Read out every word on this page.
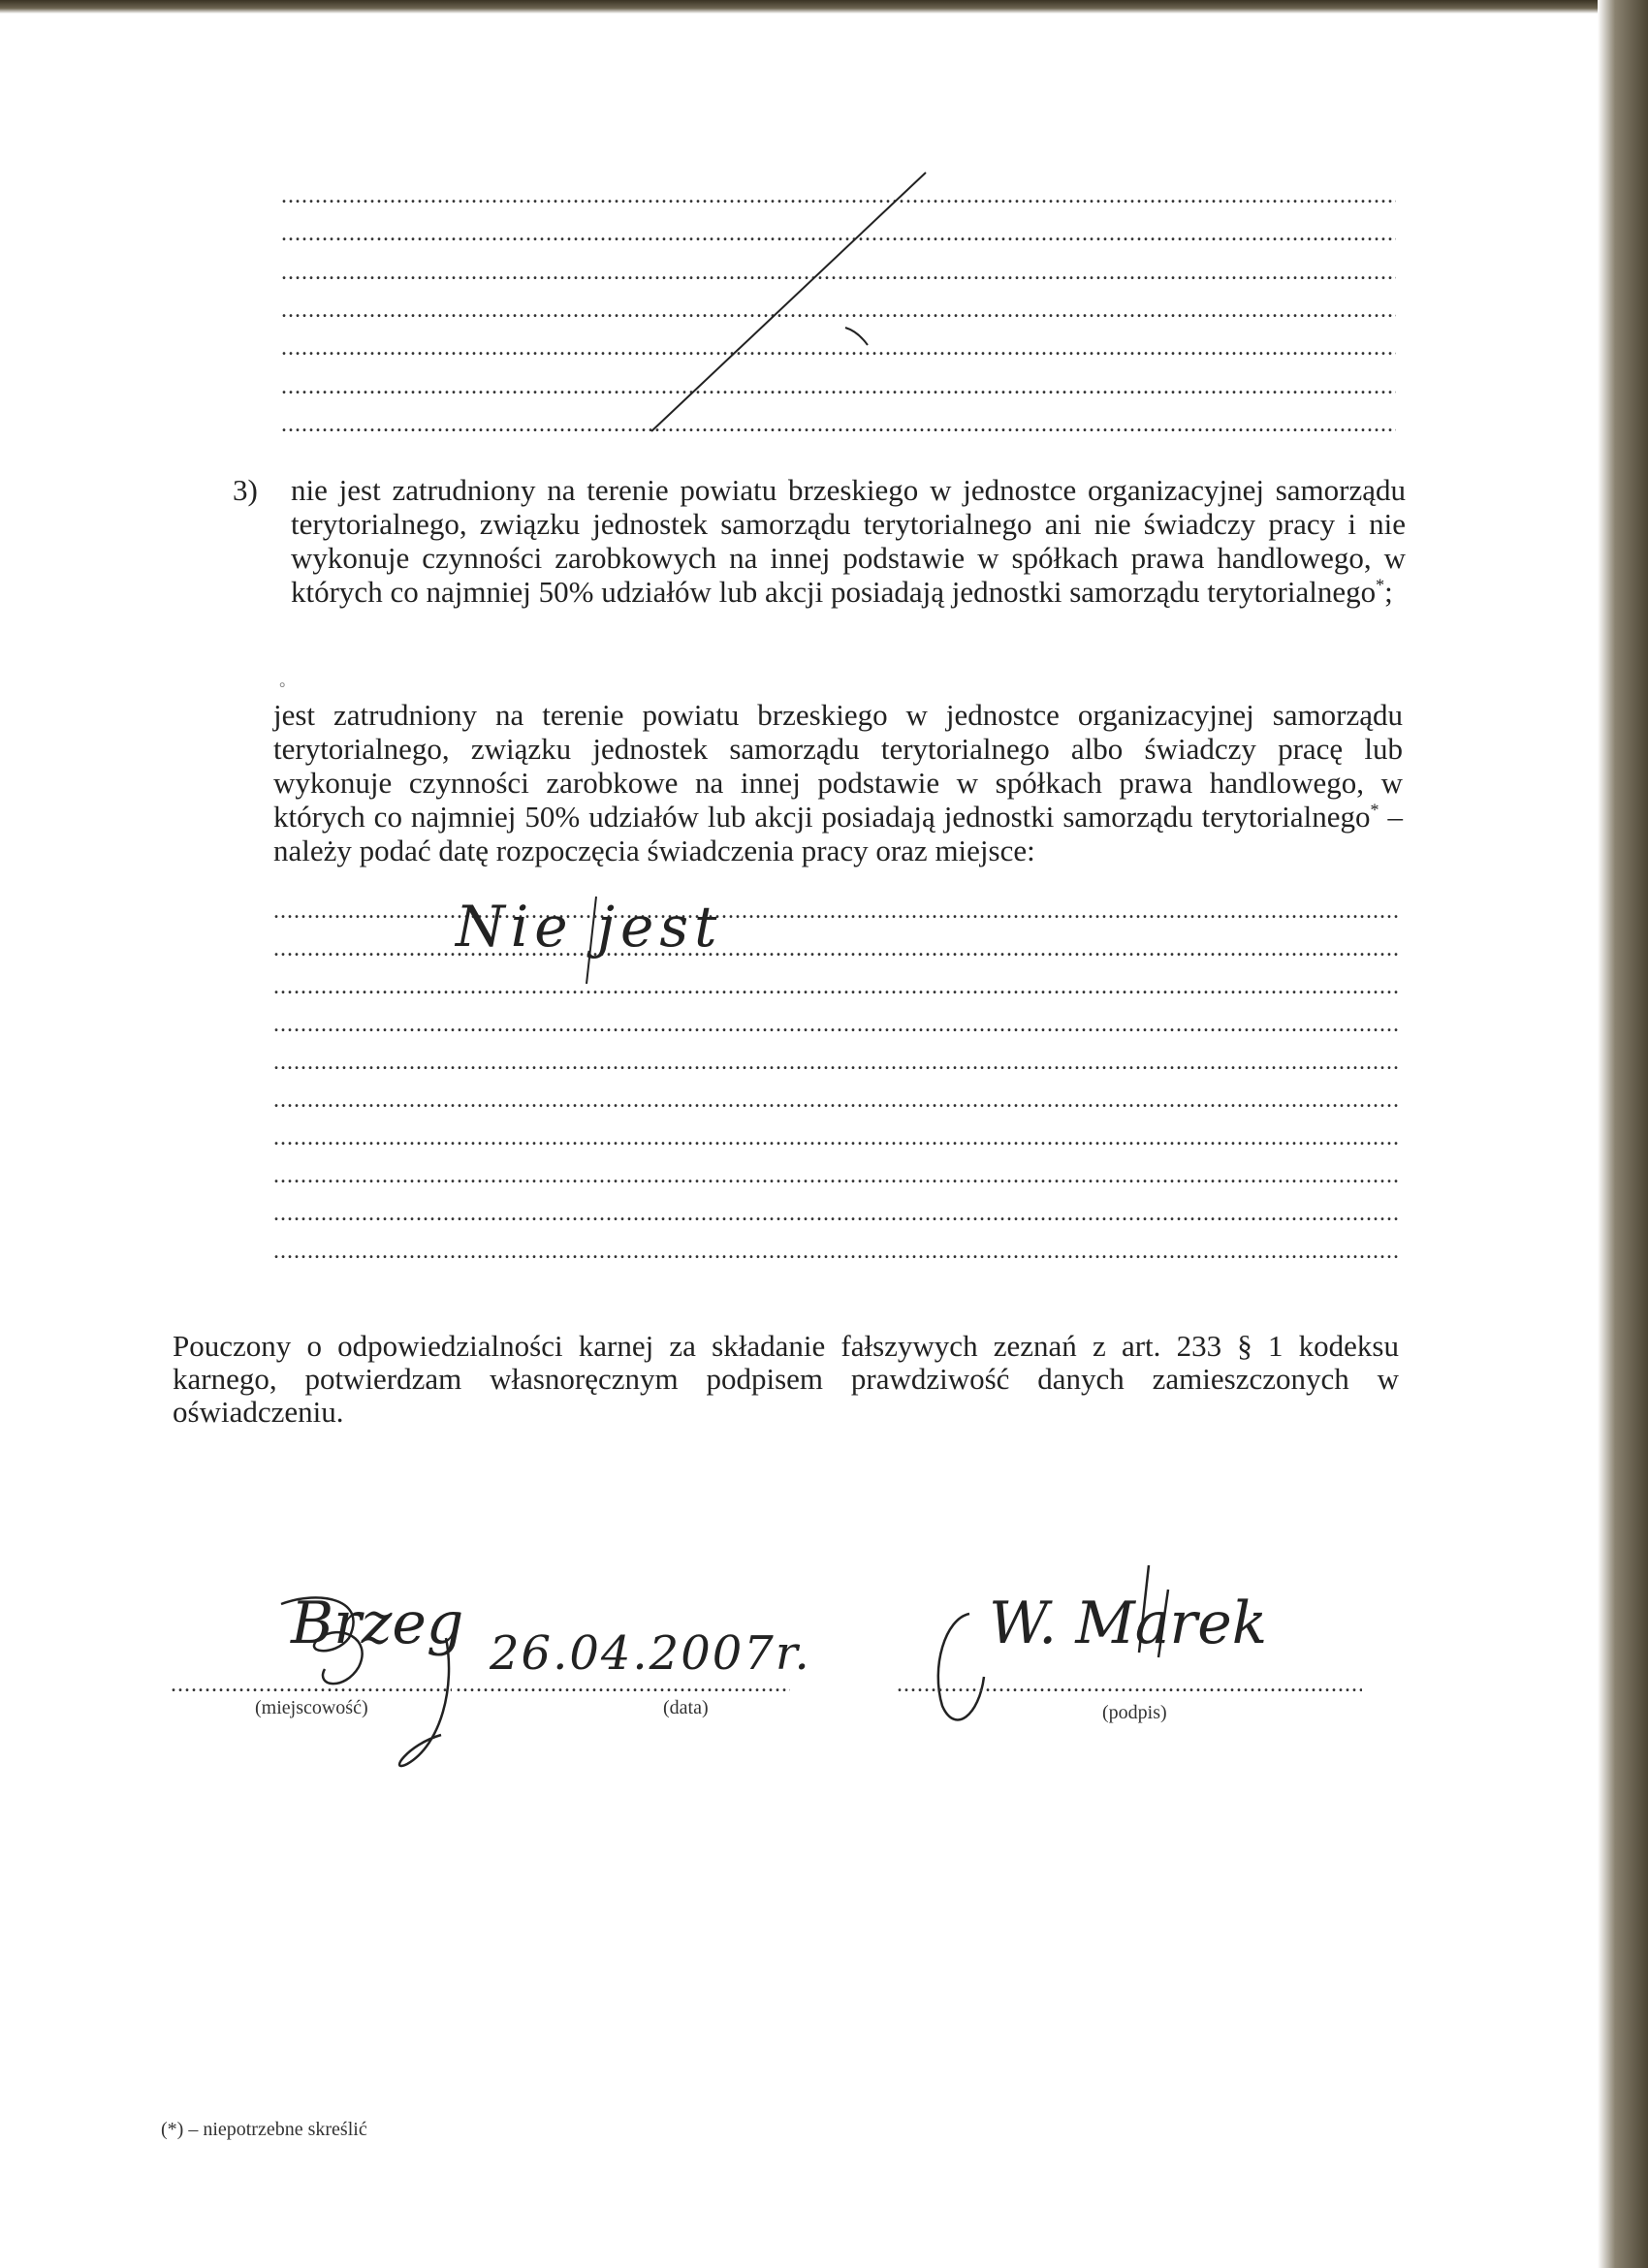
.....
.....
.....
.....
.....
.....
.....
3) nie jest zatrudniony na terenie powiatu brzeskiego w jednostce organizacyjnej samorządu terytorialnego, związku jednostek samorządu terytorialnego ani nie świadczy pracy i nie wykonuje czynności zarobkowych na innej podstawie w spółkach prawa handlowego, w których co najmniej 50% udziałów lub akcji posiadają jednostki samorządu terytorialnego*;
°
jest zatrudniony na terenie powiatu brzeskiego w jednostce organizacyjnej samorządu terytorialnego, związku jednostek samorządu terytorialnego albo świadczy pracę lub wykonuje czynności zarobkowe na innej podstawie w spółkach prawa handlowego, w których co najmniej 50% udziałów lub akcji posiadają jednostki samorządu terytorialnego* – należy podać datę rozpoczęcia świadczenia pracy oraz miejsce:
.....
.....
.....
.....
.....
.....
.....
.....
.....
.....
Nie jest
Pouczony o odpowiedzialności karnej za składanie fałszywych zeznań z art. 233 § 1 kodeksu karnego, potwierdzam własnoręcznym podpisem prawdziwość danych zamieszczonych w oświadczeniu.
.....
.....
.....
Brzeg 26.04.2007r.	W. Marek
(miejscowość)	(data)	(podpis)
(*) – niepotrzebne skreślić
